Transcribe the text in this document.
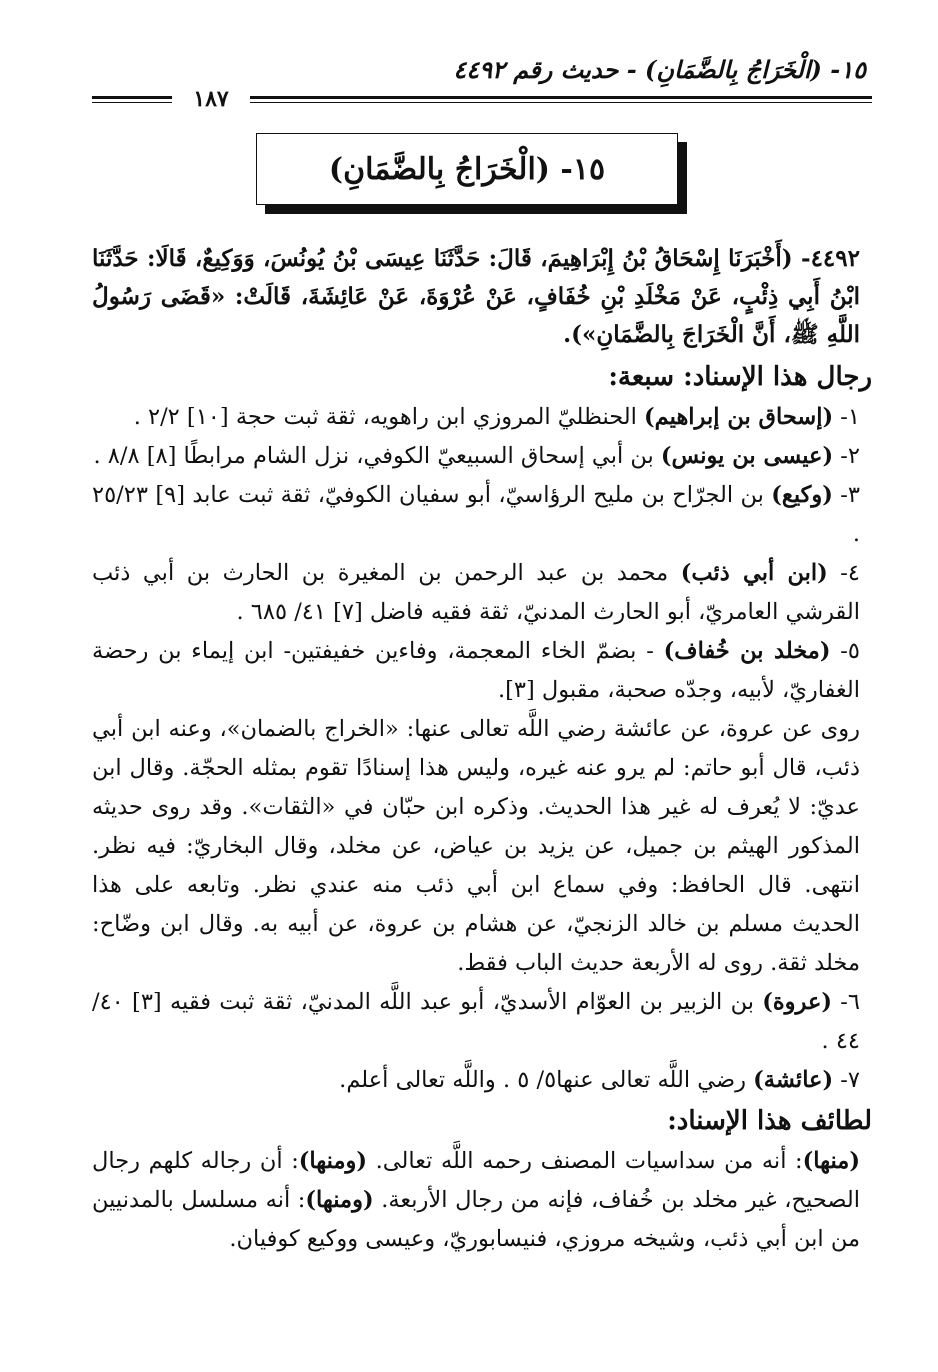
١٥- (الْخَرَاجُ بِالضَّمَانِ) - حديث رقم ٤٤٩٢
١٨٧
١٥- (الْخَرَاجُ بِالضَّمَانِ)

٤٤٩٢- (أَخْبَرَنَا إِسْحَاقُ بْنُ إِبْرَاهِيمَ، قَالَ: حَدَّثَنَا عِيسَى بْنُ يُونُسَ، وَوَكِيعٌ، قَالَا: حَدَّثَنَا ابْنُ أَبِي ذِئْبٍ، عَنْ مَخْلَدِ بْنِ خُفَافٍ، عَنْ عُرْوَةَ، عَنْ عَائِشَةَ، قَالَتْ: «قَضَى رَسُولُ اللَّهِ ﷺ، أَنَّ الْخَرَاجَ بِالضَّمَانِ»).

رجال هذا الإسناد: سبعة:

١- (إسحاق بن إبراهيم) الحنظليّ المروزي ابن راهويه، ثقة ثبت حجة [١٠] ٢/٢ .

٢- (عيسى بن يونس) بن أبي إسحاق السبيعيّ الكوفي، نزل الشام مرابطًا [٨] ٨/٨ .

٣- (وكيع) بن الجرّاح بن مليح الرؤاسيّ، أبو سفيان الكوفيّ، ثقة ثبت عابد [٩] ٢٥/٢٣ .

٤- (ابن أبي ذئب) محمد بن عبد الرحمن بن المغيرة بن الحارث بن أبي ذئب القرشي العامريّ، أبو الحارث المدنيّ، ثقة فقيه فاضل [٧] ٤١/ ٦٨٥ .

٥- (مخلد بن خُفاف) - بضمّ الخاء المعجمة، وفاءين خفيفتين- ابن إيماء بن رحضة الغفاريّ، لأبيه، وجدّه صحبة، مقبول [٣].

روى عن عروة، عن عائشة رضي اللَّه تعالى عنها: «الخراج بالضمان»، وعنه ابن أبي ذئب، قال أبو حاتم: لم يرو عنه غيره، وليس هذا إسنادًا تقوم بمثله الحجّة. وقال ابن عديّ: لا يُعرف له غير هذا الحديث. وذكره ابن حبّان في «الثقات». وقد روى حديثه المذكور الهيثم بن جميل، عن يزيد بن عياض، عن مخلد، وقال البخاريّ: فيه نظر. انتهى. قال الحافظ: وفي سماع ابن أبي ذئب منه عندي نظر. وتابعه على هذا الحديث مسلم بن خالد الزنجيّ، عن هشام بن عروة، عن أبيه به. وقال ابن وضّاح: مخلد ثقة. روى له الأربعة حديث الباب فقط.

٦- (عروة) بن الزبير بن العوّام الأسديّ، أبو عبد اللَّه المدنيّ، ثقة ثبت فقيه [٣] ٤٠/ ٤٤ .

٧- (عائشة) رضي اللَّه تعالى عنها٥/ ٥ . واللَّه تعالى أعلم.

لطائف هذا الإسناد:

(منها): أنه من سداسيات المصنف رحمه اللَّه تعالى. (ومنها): أن رجاله كلهم رجال الصحيح، غير مخلد بن خُفاف، فإنه من رجال الأربعة. (ومنها): أنه مسلسل بالمدنيين من ابن أبي ذئب، وشيخه مروزي، فنيسابوريّ، وعيسى ووكيع كوفيان.
